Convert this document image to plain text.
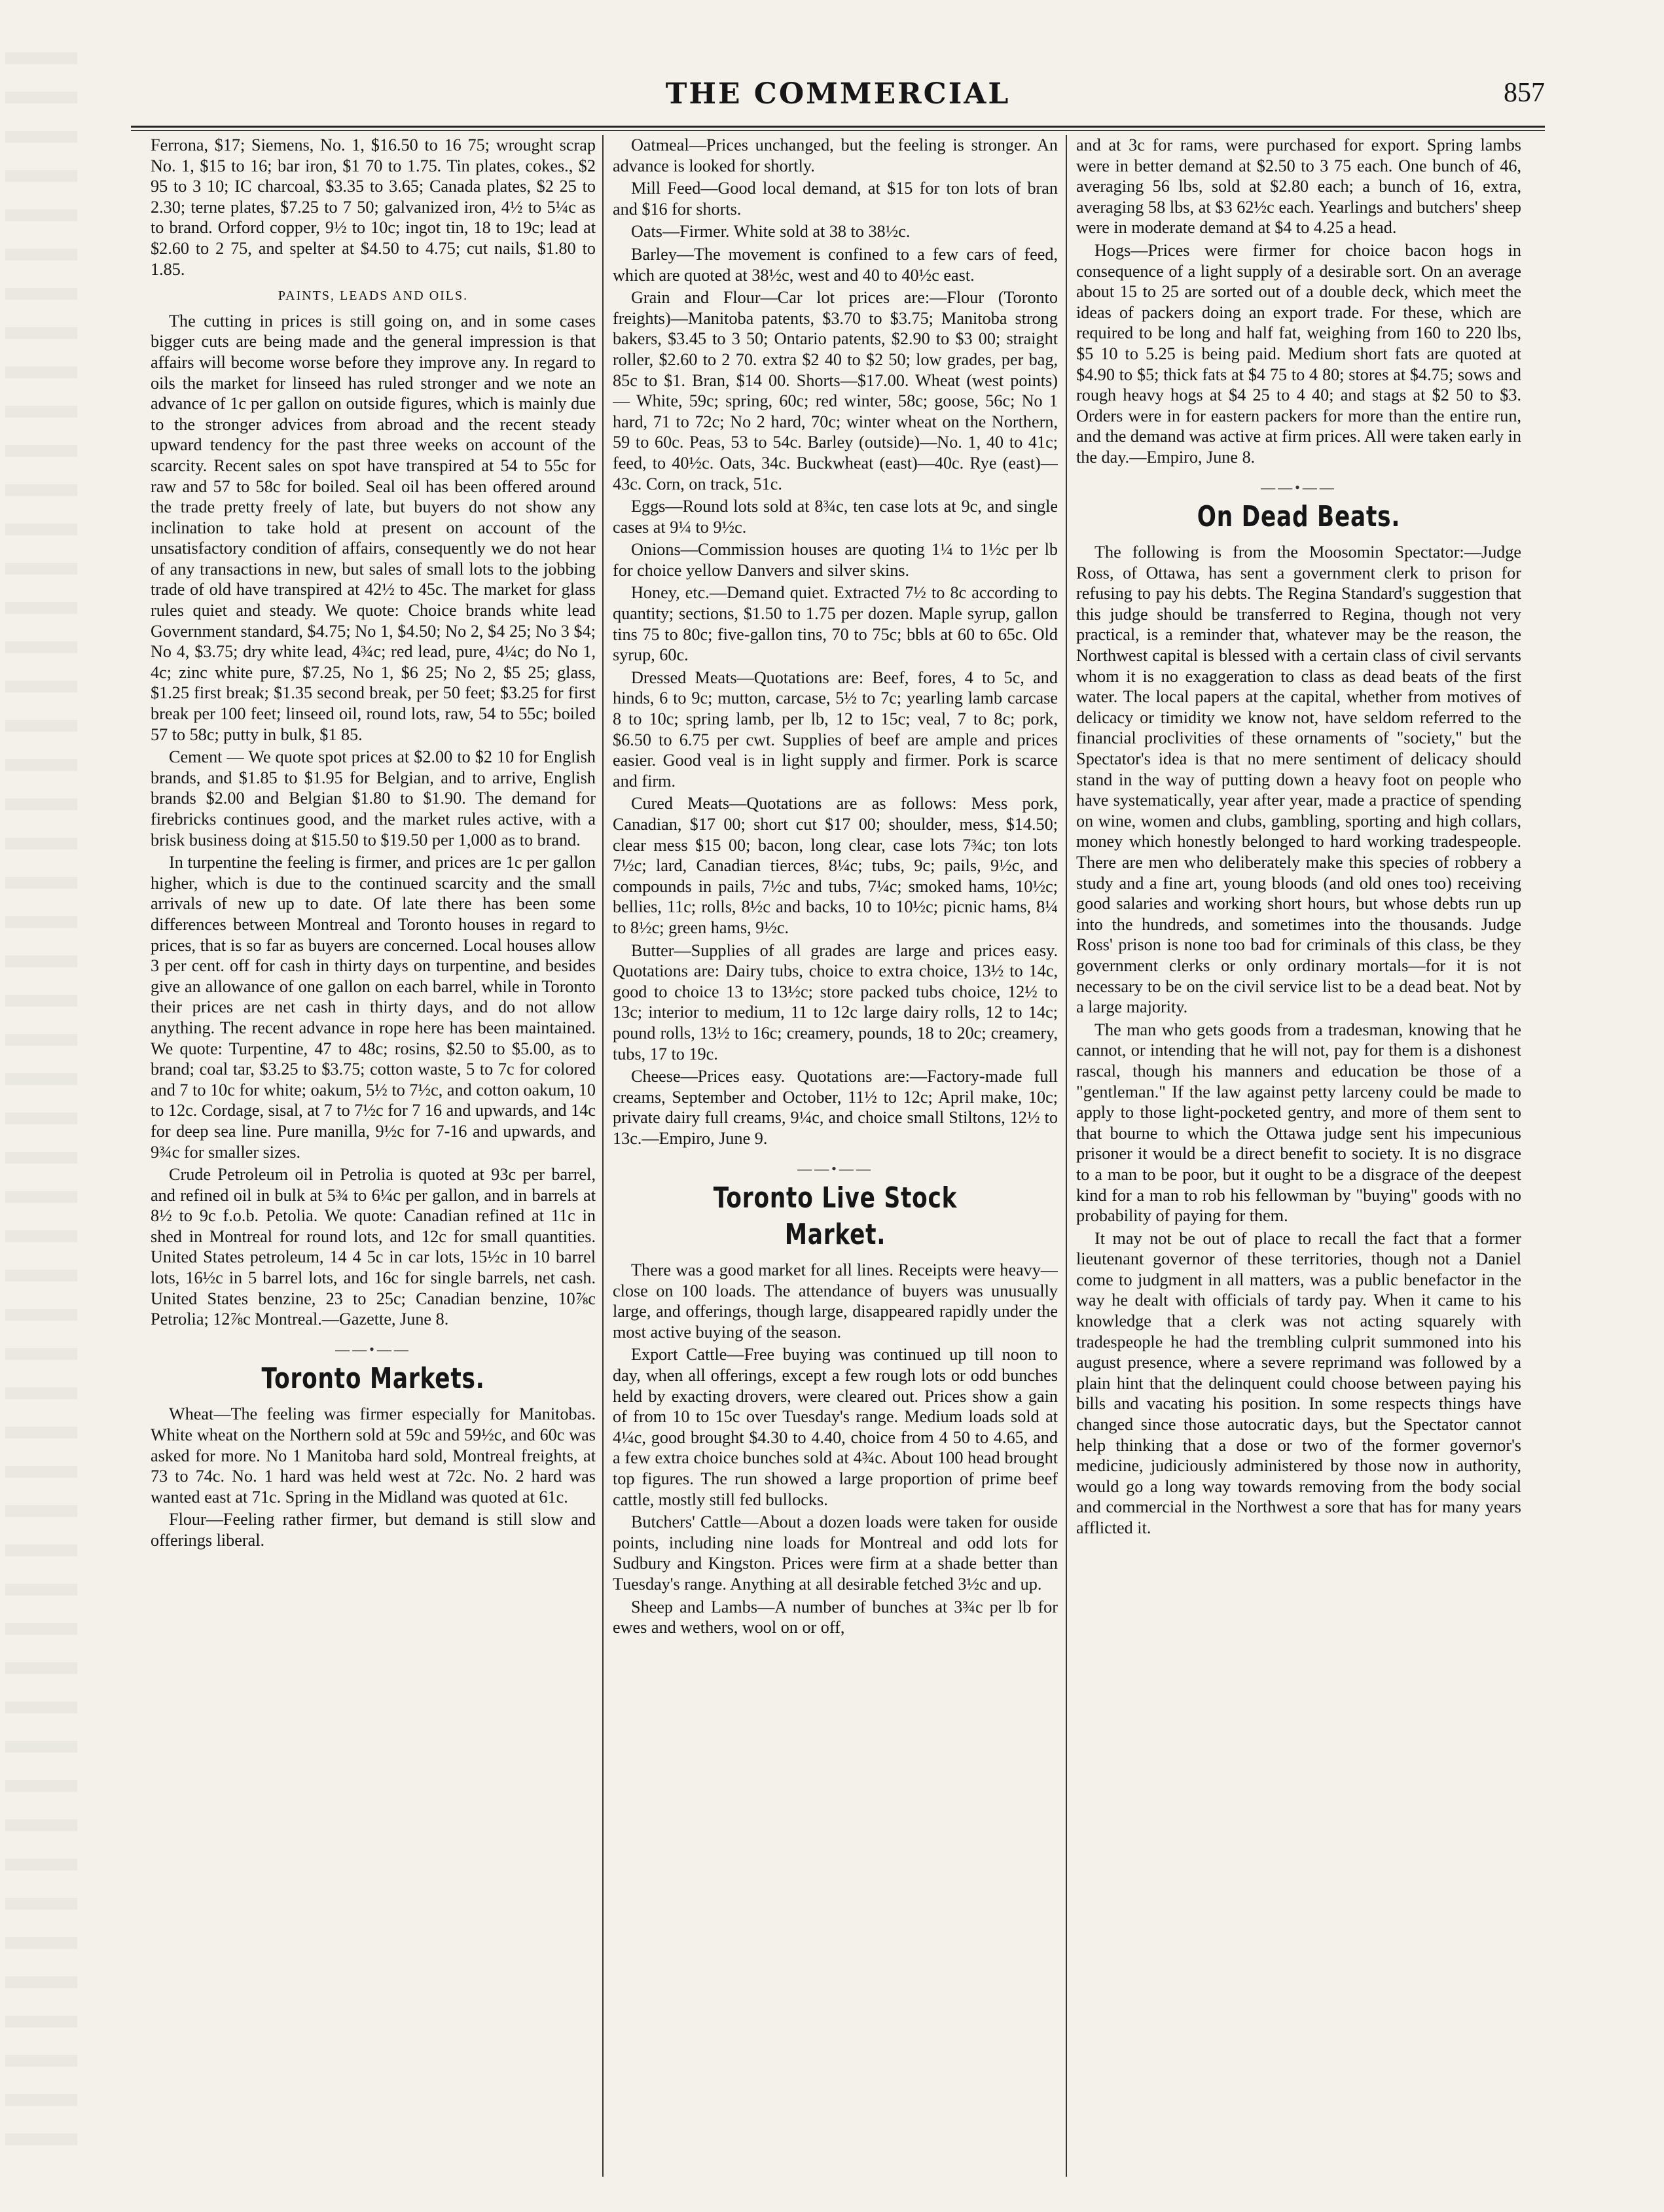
THE COMMERCIAL	857

Ferrona, $17; Siemens, No. 1, $16.50 to 16 75; wrought scrap No. 1, $15 to 16; bar iron, $1 70 to 1.75. Tin plates, cokes., $2 95 to 3 10; IC charcoal, $3.35 to 3.65; Canada plates, $2 25 to 2.30; terne plates, $7.25 to 7 50; galvanized iron, 4½ to 5¼c as to brand. Orford copper, 9½ to 10c; ingot tin, 18 to 19c; lead at $2.60 to 2 75, and spelter at $4.50 to 4.75; cut nails, $1.80 to 1.85.

PAINTS, LEADS AND OILS.

The cutting in prices is still going on, and in some cases bigger cuts are being made and the general impression is that affairs will become worse before they improve any. In regard to oils the market for linseed has ruled stronger and we note an advance of 1c per gallon on outside figures, which is mainly due to the stronger advices from abroad and the recent steady upward tendency for the past three weeks on account of the scarcity. Recent sales on spot have transpired at 54 to 55c for raw and 57 to 58c for boiled. Seal oil has been offered around the trade pretty freely of late, but buyers do not show any inclination to take hold at present on account of the unsatisfactory condition of affairs, consequently we do not hear of any transactions in new, but sales of small lots to the jobbing trade of old have transpired at 42½ to 45c. The market for glass rules quiet and steady. We quote: Choice brands white lead Government standard, $4.75; No 1, $4.50; No 2, $4 25; No 3 $4; No 4, $3.75; dry white lead, 4¾c; red lead, pure, 4¼c; do No 1, 4c; zinc white pure, $7.25, No 1, $6 25; No 2, $5 25; glass, $1.25 first break; $1.35 second break, per 50 feet; $3.25 for first break per 100 feet; linseed oil, round lots, raw, 54 to 55c; boiled 57 to 58c; putty in bulk, $1 85.

Cement — We quote spot prices at $2.00 to $2 10 for English brands, and $1.85 to $1.95 for Belgian, and to arrive, English brands $2.00 and Belgian $1.80 to $1.90. The demand for firebricks continues good, and the market rules active, with a brisk business doing at $15.50 to $19.50 per 1,000 as to brand.

In turpentine the feeling is firmer, and prices are 1c per gallon higher, which is due to the continued scarcity and the small arrivals of new up to date. Of late there has been some differences between Montreal and Toronto houses in regard to prices, that is so far as buyers are concerned. Local houses allow 3 per cent. off for cash in thirty days on turpentine, and besides give an allowance of one gallon on each barrel, while in Toronto their prices are net cash in thirty days, and do not allow anything. The recent advance in rope here has been maintained. We quote: Turpentine, 47 to 48c; rosins, $2.50 to $5.00, as to brand; coal tar, $3.25 to $3.75; cotton waste, 5 to 7c for colored and 7 to 10c for white; oakum, 5½ to 7½c, and cotton oakum, 10 to 12c. Cordage, sisal, at 7 to 7½c for 7 16 and upwards, and 14c for deep sea line. Pure manilla, 9½c for 7-16 and upwards, and 9¾c for smaller sizes.

Crude Petroleum oil in Petrolia is quoted at 93c per barrel, and refined oil in bulk at 5¾ to 6¼c per gallon, and in barrels at 8½ to 9c f.o.b. Petolia. We quote: Canadian refined at 11c in shed in Montreal for round lots, and 12c for small quantities. United States petroleum, 14 4 5c in car lots, 15½c in 10 barrel lots, 16½c in 5 barrel lots, and 16c for single barrels, net cash. United States benzine, 23 to 25c; Canadian benzine, 10⅞c Petrolia; 12⅞c Montreal.—Gazette, June 8.

——•——
Toronto Markets.

Wheat—The feeling was firmer especially for Manitobas. White wheat on the Northern sold at 59c and 59½c, and 60c was asked for more. No 1 Manitoba hard sold, Montreal freights, at 73 to 74c. No. 1 hard was held west at 72c. No. 2 hard was wanted east at 71c. Spring in the Midland was quoted at 61c.

Flour—Feeling rather firmer, but demand is still slow and offerings liberal.

Oatmeal—Prices unchanged, but the feeling is stronger. An advance is looked for shortly.

Mill Feed—Good local demand, at $15 for ton lots of bran and $16 for shorts.

Oats—Firmer. White sold at 38 to 38½c.

Barley—The movement is confined to a few cars of feed, which are quoted at 38½c, west and 40 to 40½c east.

Grain and Flour—Car lot prices are:—Flour (Toronto freights)—Manitoba patents, $3.70 to $3.75; Manitoba strong bakers, $3.45 to 3 50; Ontario patents, $2.90 to $3 00; straight roller, $2.60 to 2 70. extra $2 40 to $2 50; low grades, per bag, 85c to $1. Bran, $14 00. Shorts—$17.00. Wheat (west points) — White, 59c; spring, 60c; red winter, 58c; goose, 56c; No 1 hard, 71 to 72c; No 2 hard, 70c; winter wheat on the Northern, 59 to 60c. Peas, 53 to 54c. Barley (outside)—No. 1, 40 to 41c; feed, to 40½c. Oats, 34c. Buckwheat (east)—40c. Rye (east)—43c. Corn, on track, 51c.

Eggs—Round lots sold at 8¾c, ten case lots at 9c, and single cases at 9¼ to 9½c.

Onions—Commission houses are quoting 1¼ to 1½c per lb for choice yellow Danvers and silver skins.

Honey, etc.—Demand quiet. Extracted 7½ to 8c according to quantity; sections, $1.50 to 1.75 per dozen. Maple syrup, gallon tins 75 to 80c; five-gallon tins, 70 to 75c; bbls at 60 to 65c. Old syrup, 60c.

Dressed Meats—Quotations are: Beef, fores, 4 to 5c, and hinds, 6 to 9c; mutton, carcase, 5½ to 7c; yearling lamb carcase 8 to 10c; spring lamb, per lb, 12 to 15c; veal, 7 to 8c; pork, $6.50 to 6.75 per cwt. Supplies of beef are ample and prices easier. Good veal is in light supply and firmer. Pork is scarce and firm.

Cured Meats—Quotations are as follows: Mess pork, Canadian, $17 00; short cut $17 00; shoulder, mess, $14.50; clear mess $15 00; bacon, long clear, case lots 7¾c; ton lots 7½c; lard, Canadian tierces, 8¼c; tubs, 9c; pails, 9½c, and compounds in pails, 7½c and tubs, 7¼c; smoked hams, 10½c; bellies, 11c; rolls, 8½c and backs, 10 to 10½c; picnic hams, 8¼ to 8½c; green hams, 9½c.

Butter—Supplies of all grades are large and prices easy. Quotations are: Dairy tubs, choice to extra choice, 13½ to 14c, good to choice 13 to 13½c; store packed tubs choice, 12½ to 13c; interior to medium, 11 to 12c large dairy rolls, 12 to 14c; pound rolls, 13½ to 16c; creamery, pounds, 18 to 20c; creamery, tubs, 17 to 19c.

Cheese—Prices easy. Quotations are:—Factory-made full creams, September and October, 11½ to 12c; April make, 10c; private dairy full creams, 9¼c, and choice small Stiltons, 12½ to 13c.—Empiro, June 9.

——•——
Toronto Live Stock Market.

There was a good market for all lines. Receipts were heavy—close on 100 loads. The attendance of buyers was unusually large, and offerings, though large, disappeared rapidly under the most active buying of the season.

Export Cattle—Free buying was continued up till noon to day, when all offerings, except a few rough lots or odd bunches held by exacting drovers, were cleared out. Prices show a gain of from 10 to 15c over Tuesday's range. Medium loads sold at 4¼c, good brought $4.30 to 4.40, choice from 4 50 to 4.65, and a few extra choice bunches sold at 4¾c. About 100 head brought top figures. The run showed a large proportion of prime beef cattle, mostly still fed bullocks.

Butchers' Cattle—About a dozen loads were taken for ouside points, including nine loads for Montreal and odd lots for Sudbury and Kingston. Prices were firm at a shade better than Tuesday's range. Anything at all desirable fetched 3½c and up.

Sheep and Lambs—A number of bunches at 3¾c per lb for ewes and wethers, wool on or off,

and at 3c for rams, were purchased for export. Spring lambs were in better demand at $2.50 to 3 75 each. One bunch of 46, averaging 56 lbs, sold at $2.80 each; a bunch of 16, extra, averaging 58 lbs, at $3 62½c each. Yearlings and butchers' sheep were in moderate demand at $4 to 4.25 a head.

Hogs—Prices were firmer for choice bacon hogs in consequence of a light supply of a desirable sort. On an average about 15 to 25 are sorted out of a double deck, which meet the ideas of packers doing an export trade. For these, which are required to be long and half fat, weighing from 160 to 220 lbs, $5 10 to 5.25 is being paid. Medium short fats are quoted at $4.90 to $5; thick fats at $4 75 to 4 80; stores at $4.75; sows and rough heavy hogs at $4 25 to 4 40; and stags at $2 50 to $3. Orders were in for eastern packers for more than the entire run, and the demand was active at firm prices. All were taken early in the day.—Empiro, June 8.

——•——
On Dead Beats.

The following is from the Moosomin Spectator:—Judge Ross, of Ottawa, has sent a government clerk to prison for refusing to pay his debts. The Regina Standard's suggestion that this judge should be transferred to Regina, though not very practical, is a reminder that, whatever may be the reason, the Northwest capital is blessed with a certain class of civil servants whom it is no exaggeration to class as dead beats of the first water. The local papers at the capital, whether from motives of delicacy or timidity we know not, have seldom referred to the financial proclivities of these ornaments of "society," but the Spectator's idea is that no mere sentiment of delicacy should stand in the way of putting down a heavy foot on people who have systematically, year after year, made a practice of spending on wine, women and clubs, gambling, sporting and high collars, money which honestly belonged to hard working tradespeople. There are men who deliberately make this species of robbery a study and a fine art, young bloods (and old ones too) receiving good salaries and working short hours, but whose debts run up into the hundreds, and sometimes into the thousands. Judge Ross' prison is none too bad for criminals of this class, be they government clerks or only ordinary mortals—for it is not necessary to be on the civil service list to be a dead beat. Not by a large majority.

The man who gets goods from a tradesman, knowing that he cannot, or intending that he will not, pay for them is a dishonest rascal, though his manners and education be those of a "gentleman." If the law against petty larceny could be made to apply to those light-pocketed gentry, and more of them sent to that bourne to which the Ottawa judge sent his impecunious prisoner it would be a direct benefit to society. It is no disgrace to a man to be poor, but it ought to be a disgrace of the deepest kind for a man to rob his fellowman by "buying" goods with no probability of paying for them.

It may not be out of place to recall the fact that a former lieutenant governor of these territories, though not a Daniel come to judgment in all matters, was a public benefactor in the way he dealt with officials of tardy pay. When it came to his knowledge that a clerk was not acting squarely with tradespeople he had the trembling culprit summoned into his august presence, where a severe reprimand was followed by a plain hint that the delinquent could choose between paying his bills and vacating his position. In some respects things have changed since those autocratic days, but the Spectator cannot help thinking that a dose or two of the former governor's medicine, judiciously administered by those now in authority, would go a long way towards removing from the body social and commercial in the Northwest a sore that has for many years afflicted it.
